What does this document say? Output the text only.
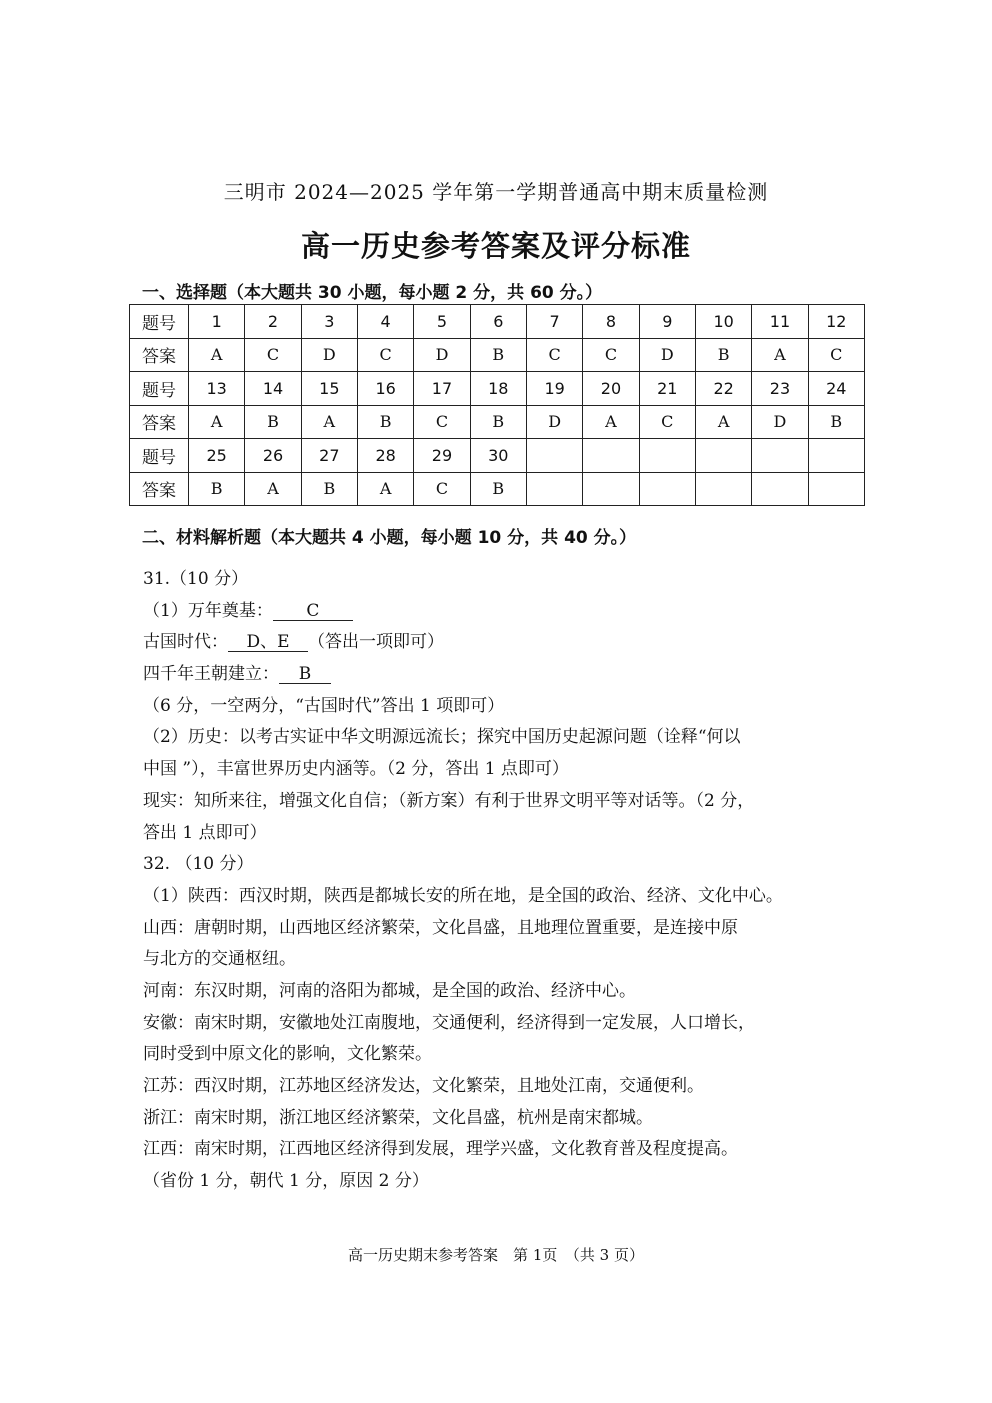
三明市 2024—2025 学年第一学期普通高中期末质量检测
高一历史参考答案及评分标准
一、选择题（本大题共 30 小题，每小题 2 分，共 60 分。）
题号	1	2	3	4	5	6	7	8	9	10	11	12
答案	A	C	D	C	D	B	C	C	D	B	A	C
题号	13	14	15	16	17	18	19	20	21	22	23	24
答案	A	B	A	B	C	B	D	A	C	A	D	B
题号	25	26	27	28	29	30						
答案	B	A	B	A	C	B						
二、材料解析题（本大题共 4 小题，每小题 10 分，共 40 分。）
31.（10 分）
（1）万年奠基： C
古国时代： D、E （答出一项即可）
四千年王朝建立： B
（6 分，一空两分，“古国时代”答出 1 项即可）
（2）历史：以考古实证中华文明源远流长；探究中国历史起源问题（诠释“何以
中国 ”），丰富世界历史内涵等。（2 分，答出 1 点即可）
现实：知所来往，增强文化自信；（新方案）有利于世界文明平等对话等。（2 分，
答出 1 点即可）
32. （10 分）
（1）陕西：西汉时期，陕西是都城长安的所在地，是全国的政治、经济、文化中心。
山西：唐朝时期，山西地区经济繁荣，文化昌盛，且地理位置重要，是连接中原
与北方的交通枢纽。
河南：东汉时期，河南的洛阳为都城，是全国的政治、经济中心。
安徽：南宋时期，安徽地处江南腹地，交通便利，经济得到一定发展，人口增长，
同时受到中原文化的影响，文化繁荣。
江苏：西汉时期，江苏地区经济发达，文化繁荣，且地处江南，交通便利。
浙江：南宋时期，浙江地区经济繁荣，文化昌盛，杭州是南宋都城。
江西：南宋时期，江西地区经济得到发展，理学兴盛，文化教育普及程度提高。
（省份 1 分，朝代 1 分，原因 2 分）
高一历史期末参考答案　第 1页　（共 3 页）
